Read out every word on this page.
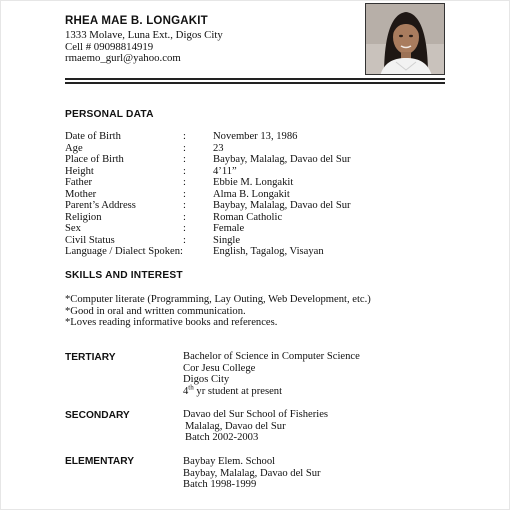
RHEA MAE B. LONGAKIT
1333 Molave, Luna Ext., Digos City
Cell # 09098814919
rmaemo_gurl@yahoo.com
PERSONAL DATA
Date of Birth	:	November 13, 1986
Age	:	23
Place of Birth	:	Baybay, Malalag, Davao del Sur
Height	:	4’11”
Father	:	Ebbie M. Longakit
Mother	:	Alma B. Longakit
Parent’s Address	:	Baybay, Malalag, Davao del Sur
Religion	:	Roman Catholic
Sex	:	Female
Civil Status	:	Single
Language / Dialect Spoken:	English, Tagalog, Visayan
SKILLS AND INTEREST
*Computer literate (Programming, Lay Outing, Web Development, etc.)
*Good in oral and written communication.
*Loves reading informative books and references.
TERTIARY	Bachelor of Science in Computer Science
Cor Jesu College
Digos City
4th yr student at present
SECONDARY	Davao del Sur School of Fisheries
Malalag, Davao del Sur
Batch 2002-2003
ELEMENTARY	Baybay Elem. School
Baybay, Malalag, Davao del Sur
Batch 1998-1999
